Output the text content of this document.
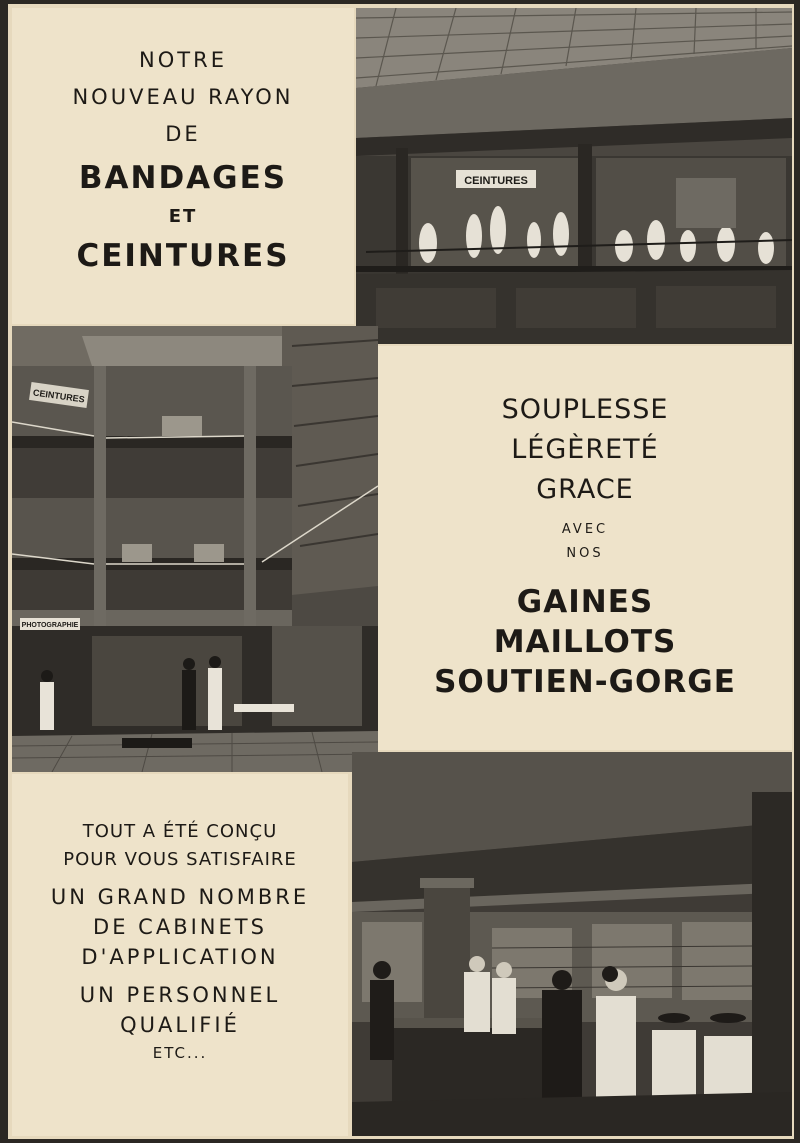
NOTRE
NOUVEAU RAYON
DE
BANDAGES
ET
CEINTURES
CEINTURES
CEINTURES
PHOTOGRAPHIE
SOUPLESSE
LÉGÈRETÉ
GRACE
AVEC
NOS
GAINES
MAILLOTS
SOUTIEN-GORGE
TOUT A ÉTÉ CONÇU
POUR VOUS SATISFAIRE
UN GRAND NOMBRE
DE CABINETS
D'APPLICATION
UN PERSONNEL
QUALIFIÉ
ETC...
